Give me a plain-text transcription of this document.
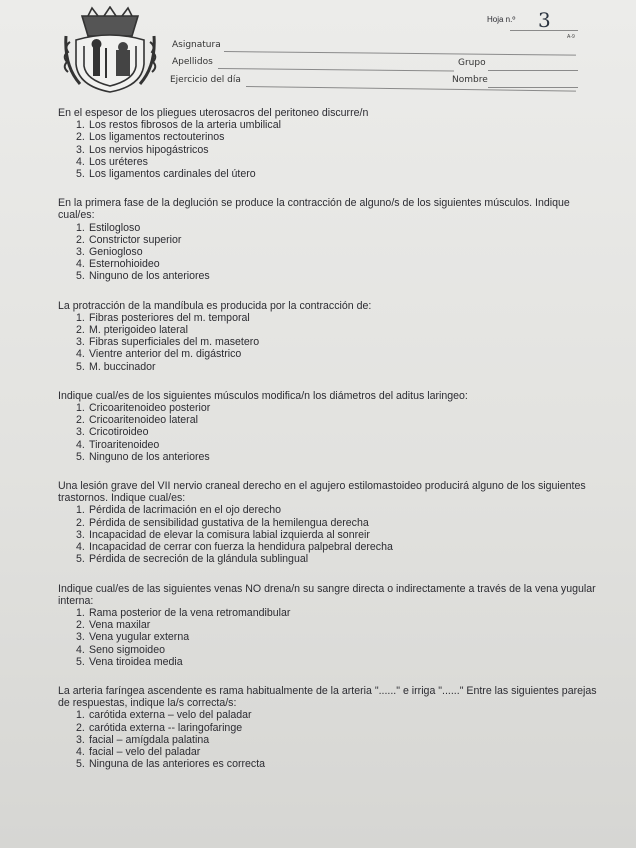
Hoja n.º 3
A-9
Asignatura
Apellidos	Grupo
Nombre
Ejercicio del día

En el espesor de los pliegues uterosacros del peritoneo discurre/n

1. Los restos fibrosos de la arteria umbilical
2. Los ligamentos rectouterinos
3. Los nervios hipogástricos
4. Los uréteres
5. Los ligamentos cardinales del útero

En la primera fase de la deglución se produce la contracción de alguno/s de los siguientes músculos. Indique cual/es:

1. Estilogloso
2. Constrictor superior
3. Geniogloso
4. Esternohioideo
5. Ninguno de los anteriores

La protracción de la mandíbula es producida por la contracción de:

1. Fibras posteriores del m. temporal
2. M. pterigoideo lateral
3. Fibras superficiales del m. masetero
4. Vientre anterior del m. digástrico
5. M. buccinador

Indique cual/es de los siguientes músculos modifica/n los diámetros del aditus laringeo:

1. Cricoaritenoideo posterior
2. Cricoaritenoideo lateral
3. Cricotiroideo
4. Tiroaritenoideo
5. Ninguno de los anteriores

Una lesión grave del VII nervio craneal derecho en el agujero estilomastoideo producirá alguno de los siguientes trastornos. Indique cual/es:

1. Pérdida de lacrimación en el ojo derecho
2. Pérdida de sensibilidad gustativa de la hemilengua derecha
3. Incapacidad de elevar la comisura labial izquierda al sonreir
4. Incapacidad de cerrar con fuerza la hendidura palpebral derecha
5. Pérdida de secreción de la glándula sublingual

Indique cual/es de las siguientes venas NO drena/n su sangre directa o indirectamente a través de la vena yugular interna:

1. Rama posterior de la vena retromandibular
2. Vena maxilar
3. Vena yugular externa
4. Seno sigmoideo
5. Vena tiroidea media

La arteria faríngea ascendente es rama habitualmente de la arteria "......" e irriga "......" Entre las siguientes parejas de respuestas, indique la/s correcta/s:

1. carótida externa – velo del paladar
2. carótida externa -- laringofaringe
3. facial – amígdala palatina
4. facial – velo del paladar
5. Ninguna de las anteriores es correcta
